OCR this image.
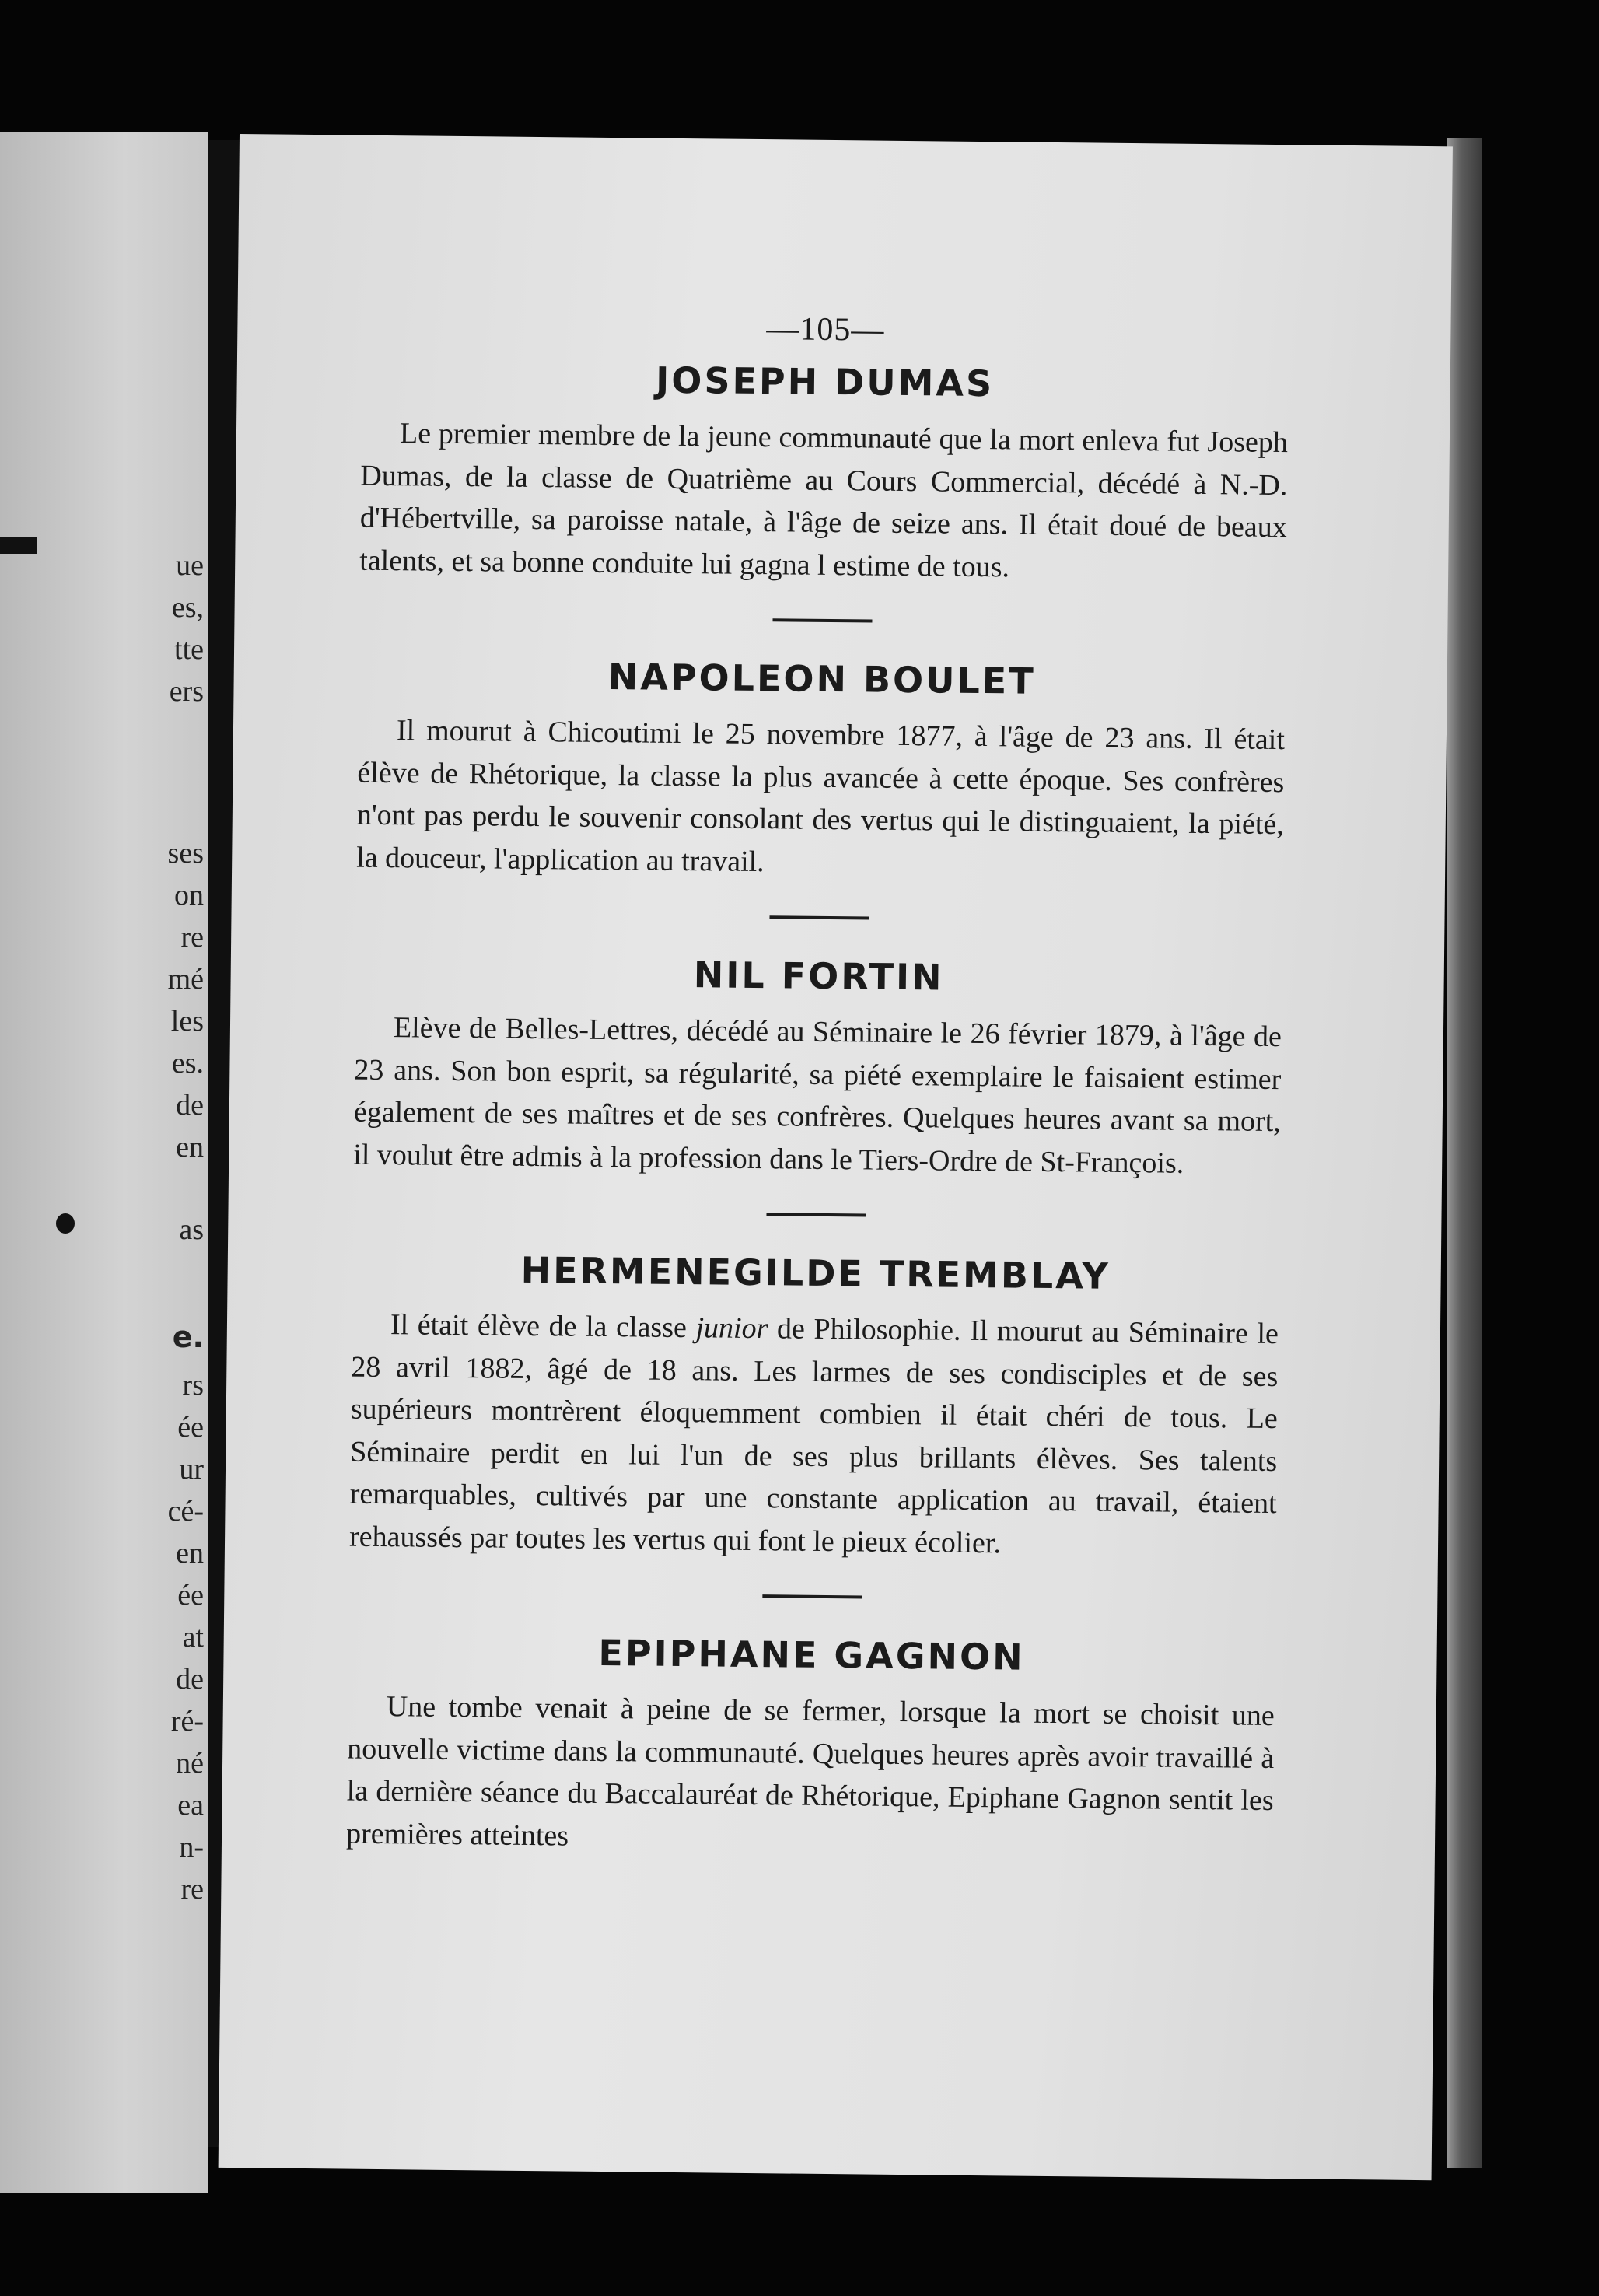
ue
es,
tte
ers
ses
on
re
mé
les
es.
de
en
as
e.
rs
ée
ur
cé-
en
ée
at
de
ré-
né
ea
n-
re
—105—
JOSEPH DUMAS

Le premier membre de la jeune communauté que la mort enleva fut Joseph Dumas, de la classe de Quatrième au Cours Commercial, décédé à N.-D. d'Hébertville, sa paroisse natale, à l'âge de seize ans. Il était doué de beaux talents, et sa bonne conduite lui gagna l estime de tous.

NAPOLEON BOULET

Il mourut à Chicoutimi le 25 novembre 1877, à l'âge de 23 ans. Il était élève de Rhétorique, la classe la plus avancée à cette époque. Ses confrères n'ont pas perdu le souvenir consolant des vertus qui le distinguaient, la piété, la douceur, l'application au travail.

NIL FORTIN

Elève de Belles-Lettres, décédé au Séminaire le 26 février 1879, à l'âge de 23 ans. Son bon esprit, sa régularité, sa piété exemplaire le faisaient estimer également de ses maîtres et de ses confrères. Quelques heures avant sa mort, il voulut être admis à la profession dans le Tiers-Ordre de St-François.

HERMENEGILDE TREMBLAY

Il était élève de la classe junior de Philosophie. Il mourut au Séminaire le 28 avril 1882, âgé de 18 ans. Les larmes de ses condisciples et de ses supérieurs montrèrent éloquemment combien il était chéri de tous. Le Séminaire perdit en lui l'un de ses plus brillants élèves. Ses talents remarquables, cultivés par une constante application au travail, étaient rehaussés par toutes les vertus qui font le pieux écolier.

EPIPHANE GAGNON

Une tombe venait à peine de se fermer, lorsque la mort se choisit une nouvelle victime dans la communauté. Quelques heures après avoir travaillé à la dernière séance du Baccalauréat de Rhétorique, Epiphane Gagnon sentit les premières atteintes
